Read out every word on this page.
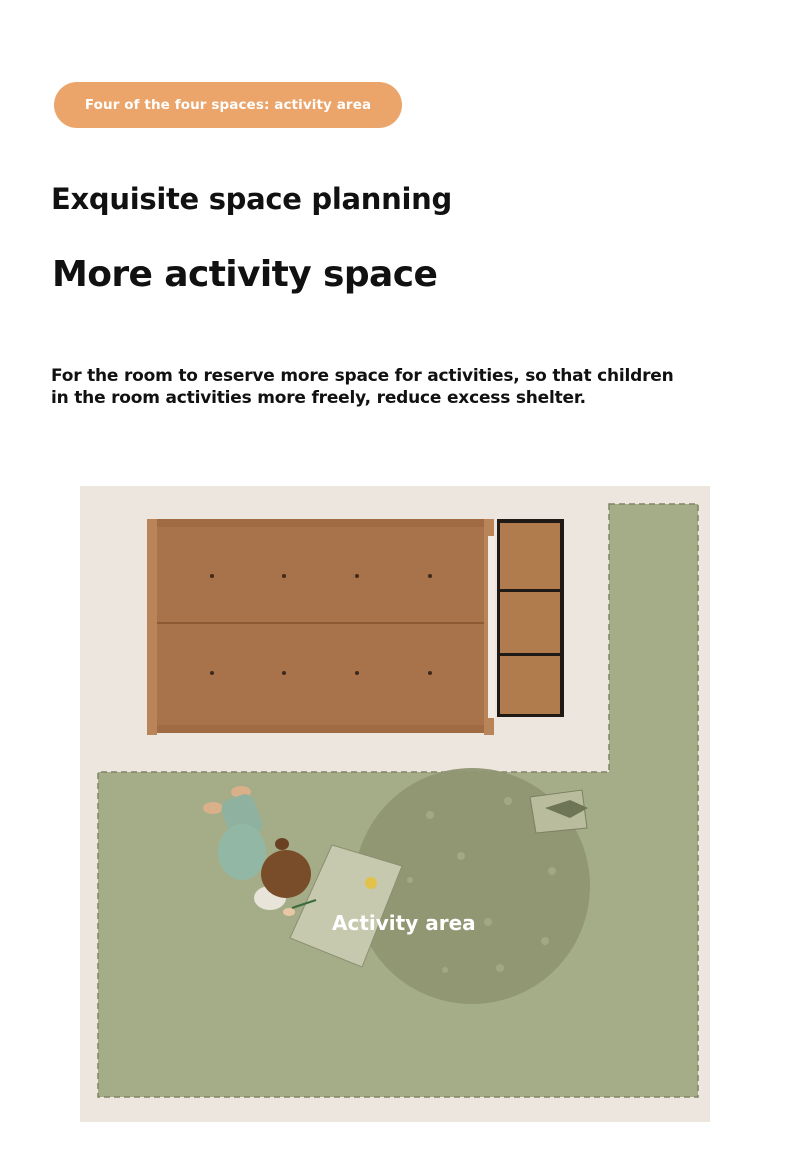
Four of the four spaces: activity area
Exquisite space planning
More activity space
For the room to reserve more space for activities, so that children in the room activities more freely, reduce excess shelter.
Activity area
